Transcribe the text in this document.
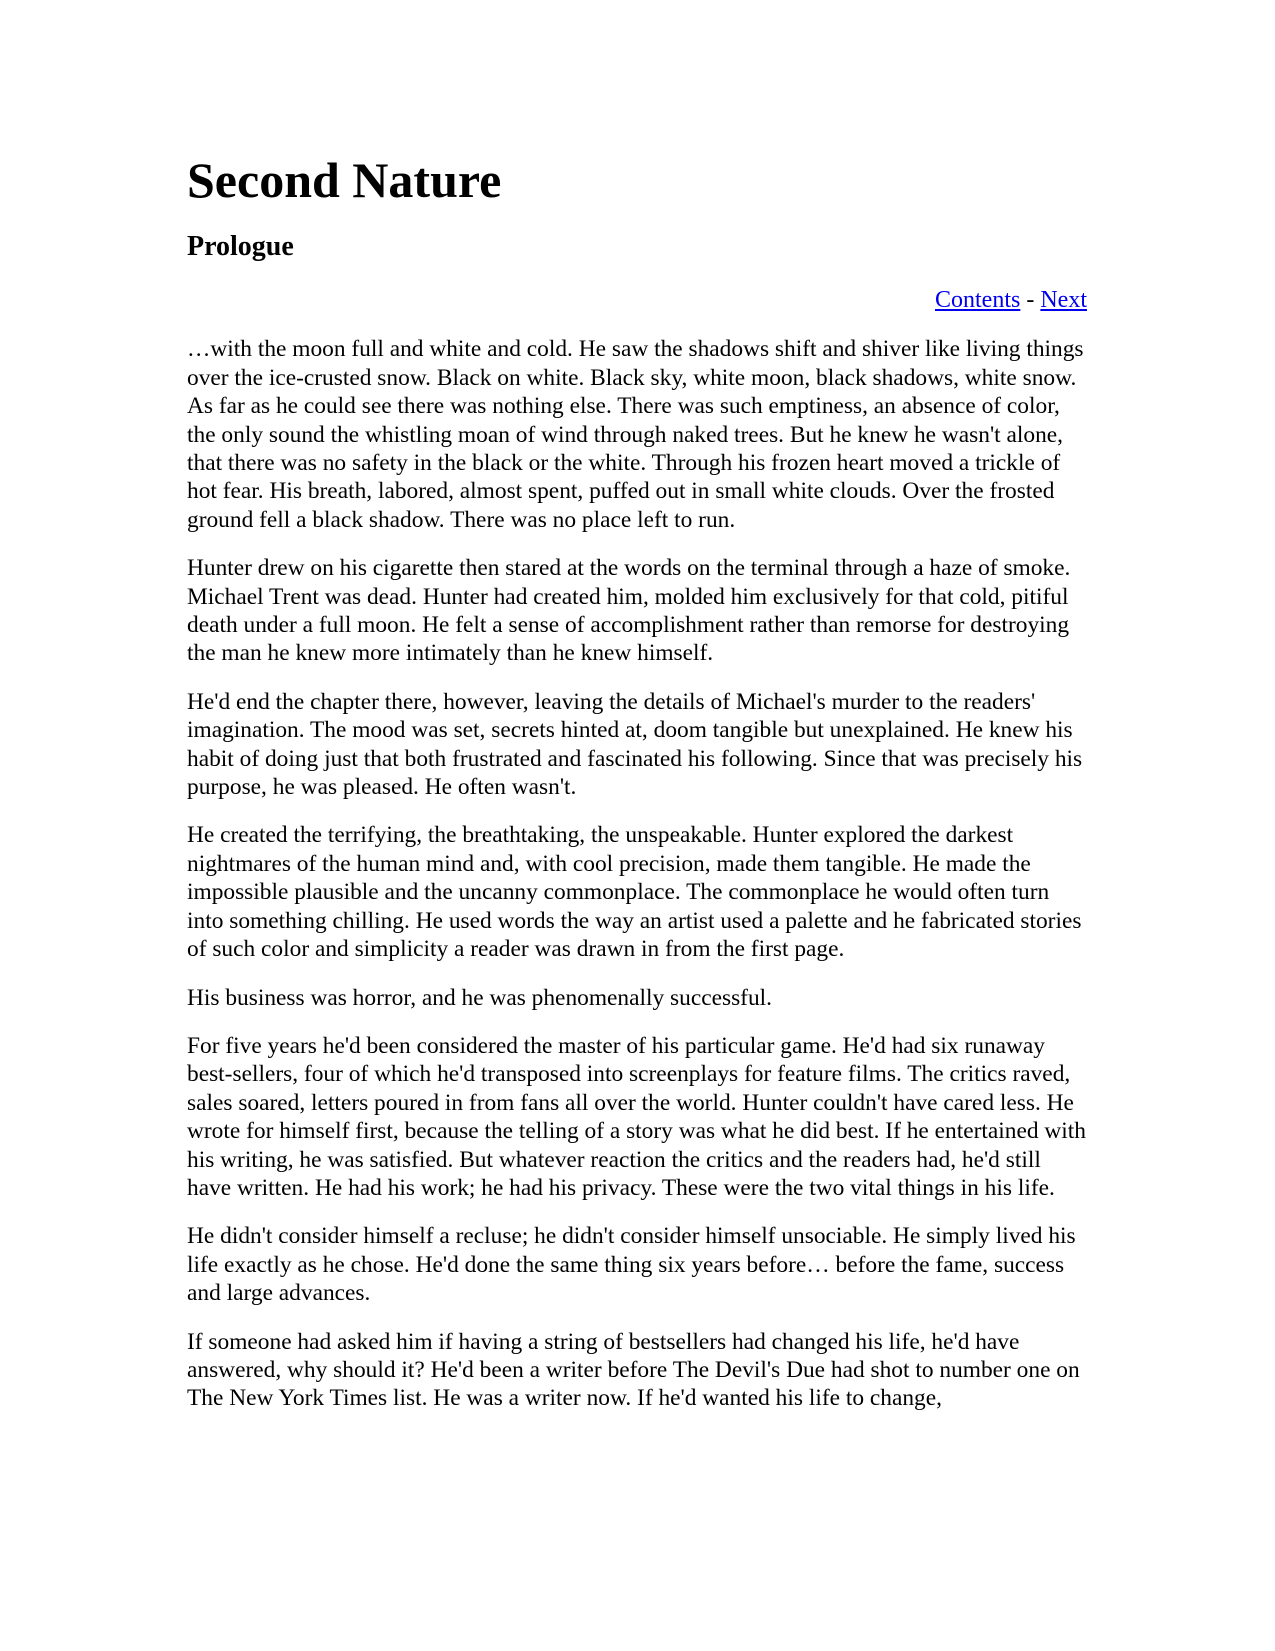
Second Nature
Prologue
Contents - Next

…with the moon full and white and cold. He saw the shadows shift and shiver like living things over the ice-crusted snow. Black on white. Black sky, white moon, black shadows, white snow. As far as he could see there was nothing else. There was such emptiness, an absence of color, the only sound the whistling moan of wind through naked trees. But he knew he wasn't alone, that there was no safety in the black or the white. Through his frozen heart moved a trickle of hot fear. His breath, labored, almost spent, puffed out in small white clouds. Over the frosted ground fell a black shadow. There was no place left to run.

Hunter drew on his cigarette then stared at the words on the terminal through a haze of smoke. Michael Trent was dead. Hunter had created him, molded him exclusively for that cold, pitiful death under a full moon. He felt a sense of accomplishment rather than remorse for destroying the man he knew more intimately than he knew himself.

He'd end the chapter there, however, leaving the details of Michael's murder to the readers' imagination. The mood was set, secrets hinted at, doom tangible but unexplained. He knew his habit of doing just that both frustrated and fascinated his following. Since that was precisely his purpose, he was pleased. He often wasn't.

He created the terrifying, the breathtaking, the unspeakable. Hunter explored the darkest nightmares of the human mind and, with cool precision, made them tangible. He made the impossible plausible and the uncanny commonplace. The commonplace he would often turn into something chilling. He used words the way an artist used a palette and he fabricated stories of such color and simplicity a reader was drawn in from the first page.

His business was horror, and he was phenomenally successful.

For five years he'd been considered the master of his particular game. He'd had six runaway best-sellers, four of which he'd transposed into screenplays for feature films. The critics raved, sales soared, letters poured in from fans all over the world. Hunter couldn't have cared less. He wrote for himself first, because the telling of a story was what he did best. If he entertained with his writing, he was satisfied. But whatever reaction the critics and the readers had, he'd still have written. He had his work; he had his privacy. These were the two vital things in his life.

He didn't consider himself a recluse; he didn't consider himself unsociable. He simply lived his life exactly as he chose. He'd done the same thing six years before… before the fame, success and large advances.

If someone had asked him if having a string of bestsellers had changed his life, he'd have answered, why should it? He'd been a writer before The Devil's Due had shot to number one on The New York Times list. He was a writer now. If he'd wanted his life to change,
